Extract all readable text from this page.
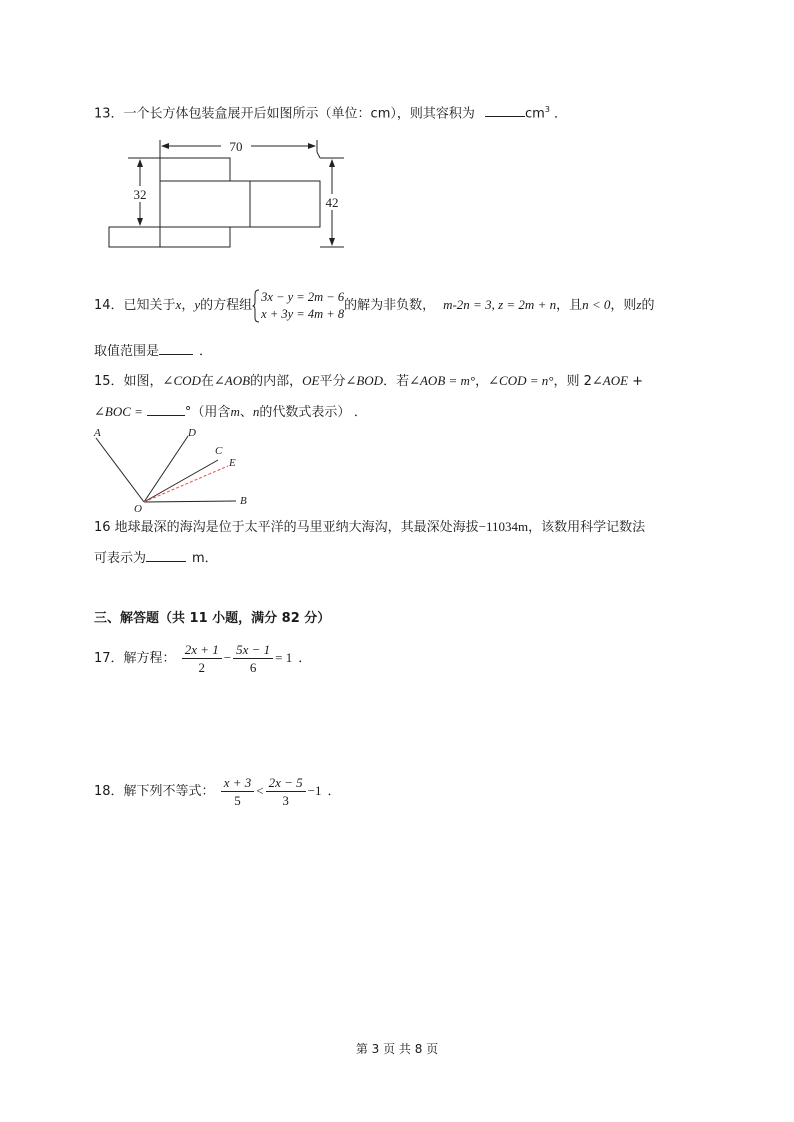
13．一个长方体包装盒展开后如图所示（单位：cm），则其容积为	$cm^3$ ．
70
32
42
14．已知关于x，y的方程组
3x − y = 2m − 6
x + 3y = 4m + 8
的解为非负数， m-2n = 3, z = 2m + n，且n < 0，则z的
取值范围是	．
15．如图，∠COD在∠AOB的内部，OE平分∠BOD．若∠AOB = m°，∠COD = n°，则 2∠AOE +
∠BOC =	°（用含m、n的代数式表示） ．
A	D
C
E
O
B
16 地球最深的海沟是位于太平洋的马里亚纳大海沟，其最深处海拔−11034m，该数用科学记数法
可表示为	m．
三、解答题（共 11 小题，满分 82 分）
17．解方程： $\frac{2x + 1}{2} - \frac{5x - 1}{6} = 1$ ．
18．解下列不等式： $\frac{x + 3}{5} < \frac{2x - 5}{3} -1$ ．
第 3 页 共 8 页
